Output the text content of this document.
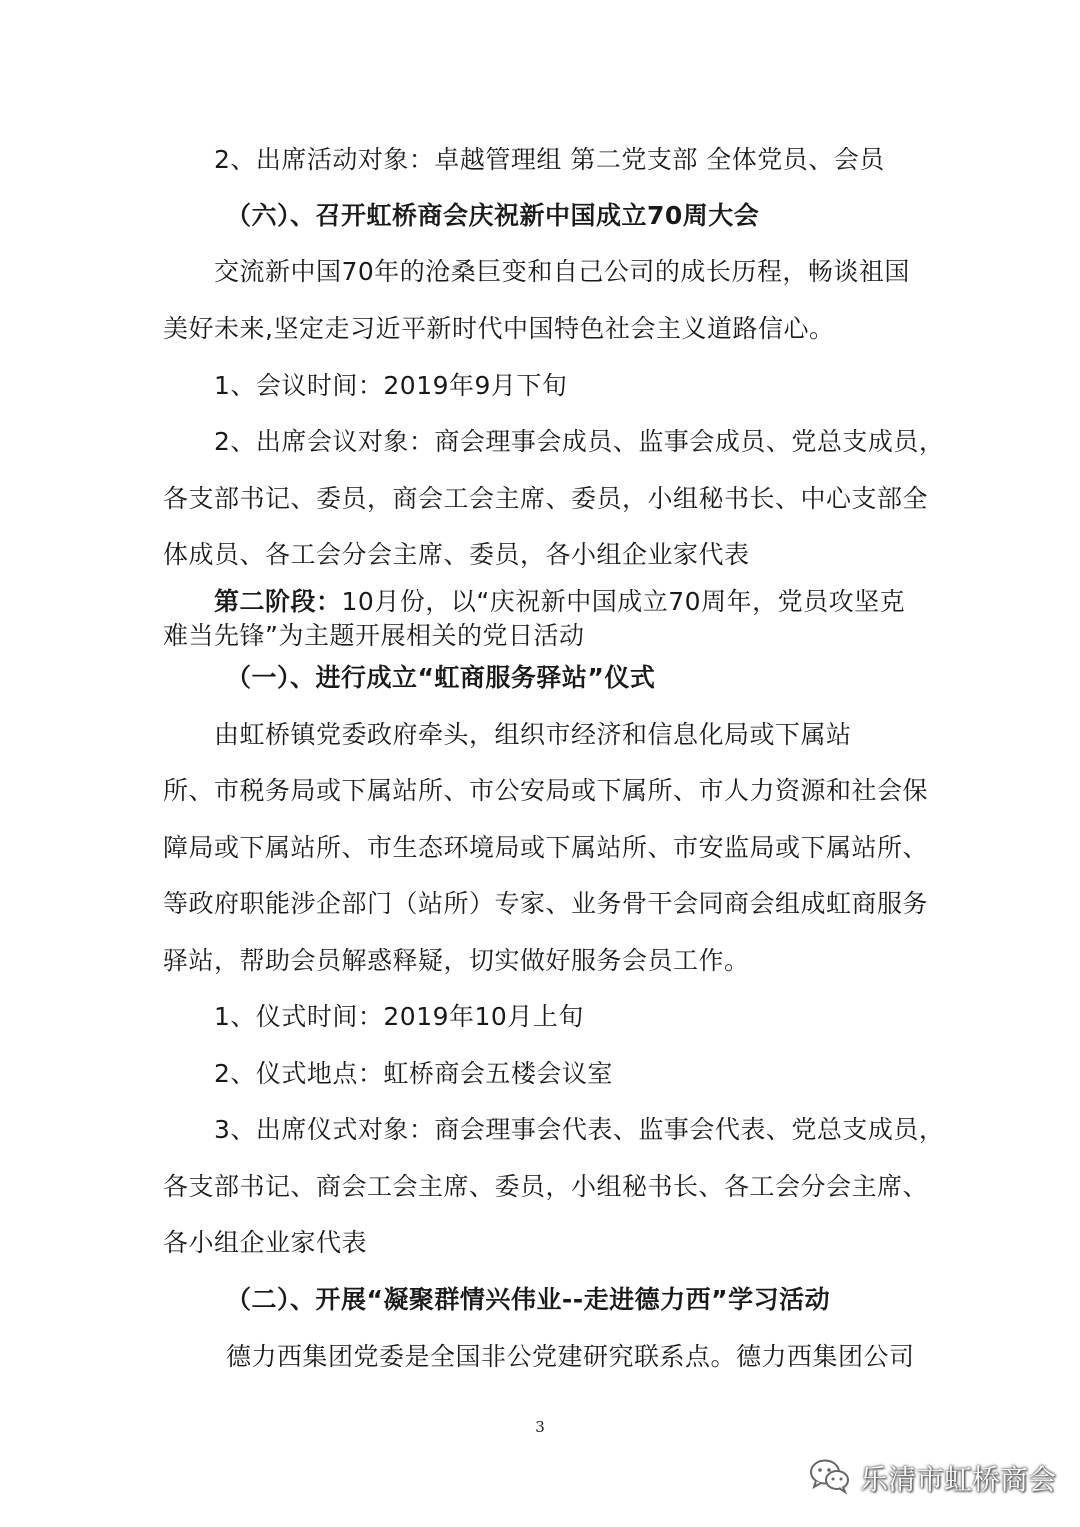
2、出席活动对象：卓越管理组 第二党支部 全体党员、会员
（六）、召开虹桥商会庆祝新中国成立70周大会
交流新中国70年的沧桑巨变和自己公司的成长历程，畅谈祖国
美好未来,坚定走习近平新时代中国特色社会主义道路信心。
1、会议时间：2019年9月下旬
2、出席会议对象：商会理事会成员、监事会成员、党总支成员，
各支部书记、委员，商会工会主席、委员，小组秘书长、中心支部全
体成员、各工会分会主席、委员，各小组企业家代表
第二阶段：10月份，以“庆祝新中国成立70周年，党员攻坚克
难当先锋”为主题开展相关的党日活动
（一）、进行成立“虹商服务驿站”仪式
由虹桥镇党委政府牵头，组织市经济和信息化局或下属站
所、市税务局或下属站所、市公安局或下属所、市人力资源和社会保
障局或下属站所、市生态环境局或下属站所、市安监局或下属站所、
等政府职能涉企部门（站所）专家、业务骨干会同商会组成虹商服务
驿站，帮助会员解惑释疑，切实做好服务会员工作。
1、仪式时间：2019年10月上旬
2、仪式地点：虹桥商会五楼会议室
3、出席仪式对象：商会理事会代表、监事会代表、党总支成员，
各支部书记、商会工会主席、委员，小组秘书长、各工会分会主席、
各小组企业家代表
（二）、开展“凝聚群情兴伟业--走进德力西”学习活动
德力西集团党委是全国非公党建研究联系点。德力西集团公司
3
乐清市虹桥商会
